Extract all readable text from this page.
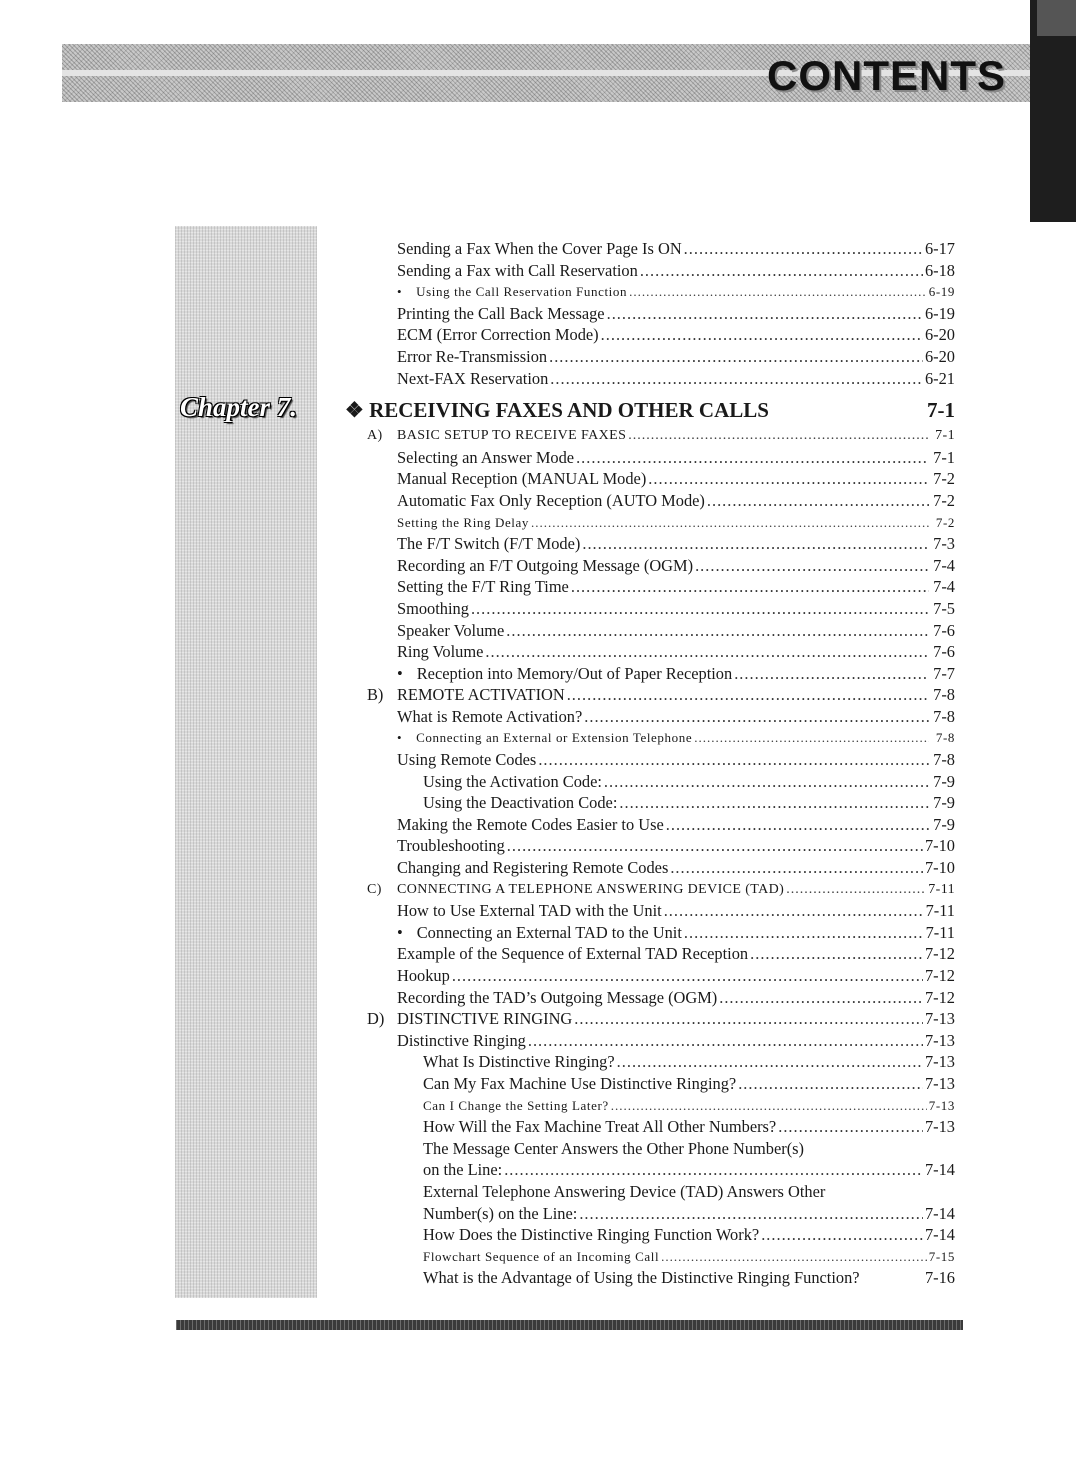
CONTENTS
Chapter 7.
Sending a Fax When the Cover Page Is ON .....	6-17
Sending a Fax with Call Reservation .....	6-18
• Using the Call Reservation Function .....	6-19
Printing the Call Back Message .....	6-19
ECM (Error Correction Mode) .....	6-20
Error Re-Transmission .....	6-20
Next-FAX Reservation .....	6-21
❖ RECEIVING FAXES AND OTHER CALLS	7-1
A)	BASIC SETUP TO RECEIVE FAXES .....	7-1
Selecting an Answer Mode .....	7-1
Manual Reception (MANUAL Mode) .....	7-2
Automatic Fax Only Reception (AUTO Mode) .....	7-2
Setting the Ring Delay .....	7-2
The F/T Switch (F/T Mode) .....	7-3
Recording an F/T Outgoing Message (OGM) .....	7-4
Setting the F/T Ring Time .....	7-4
Smoothing .....	7-5
Speaker Volume .....	7-6
Ring Volume .....	7-6
• Reception into Memory/Out of Paper Reception .....	7-7
B) REMOTE ACTIVATION .....	7-8
What is Remote Activation? .....	7-8
• Connecting an External or Extension Telephone .....	7-8
Using Remote Codes .....	7-8
Using the Activation Code: .....	7-9
Using the Deactivation Code: .....	7-9
Making the Remote Codes Easier to Use .....	7-9
Troubleshooting .....	7-10
Changing and Registering Remote Codes .....	7-10
C)	CONNECTING A TELEPHONE ANSWERING DEVICE (TAD) .....	7-11
How to Use External TAD with the Unit .....	7-11
• Connecting an External TAD to the Unit .....	7-11
Example of the Sequence of External TAD Reception .....	7-12
Hookup .....	7-12
Recording the TAD’s Outgoing Message (OGM) .....	7-12
D) DISTINCTIVE RINGING .....	7-13
Distinctive Ringing .....	7-13
What Is Distinctive Ringing? .....	7-13
Can My Fax Machine Use Distinctive Ringing? .....	7-13
Can I Change the Setting Later? .....	7-13
How Will the Fax Machine Treat All Other Numbers? .....	7-13
The Message Center Answers the Other Phone Number(s)
on the Line: .....	7-14
External Telephone Answering Device (TAD) Answers Other
Number(s) on the Line: .....	7-14
How Does the Distinctive Ringing Function Work? .....	7-14
Flowchart Sequence of an Incoming Call .....	7-15
What is the Advantage of Using the Distinctive Ringing Function?	7-16
